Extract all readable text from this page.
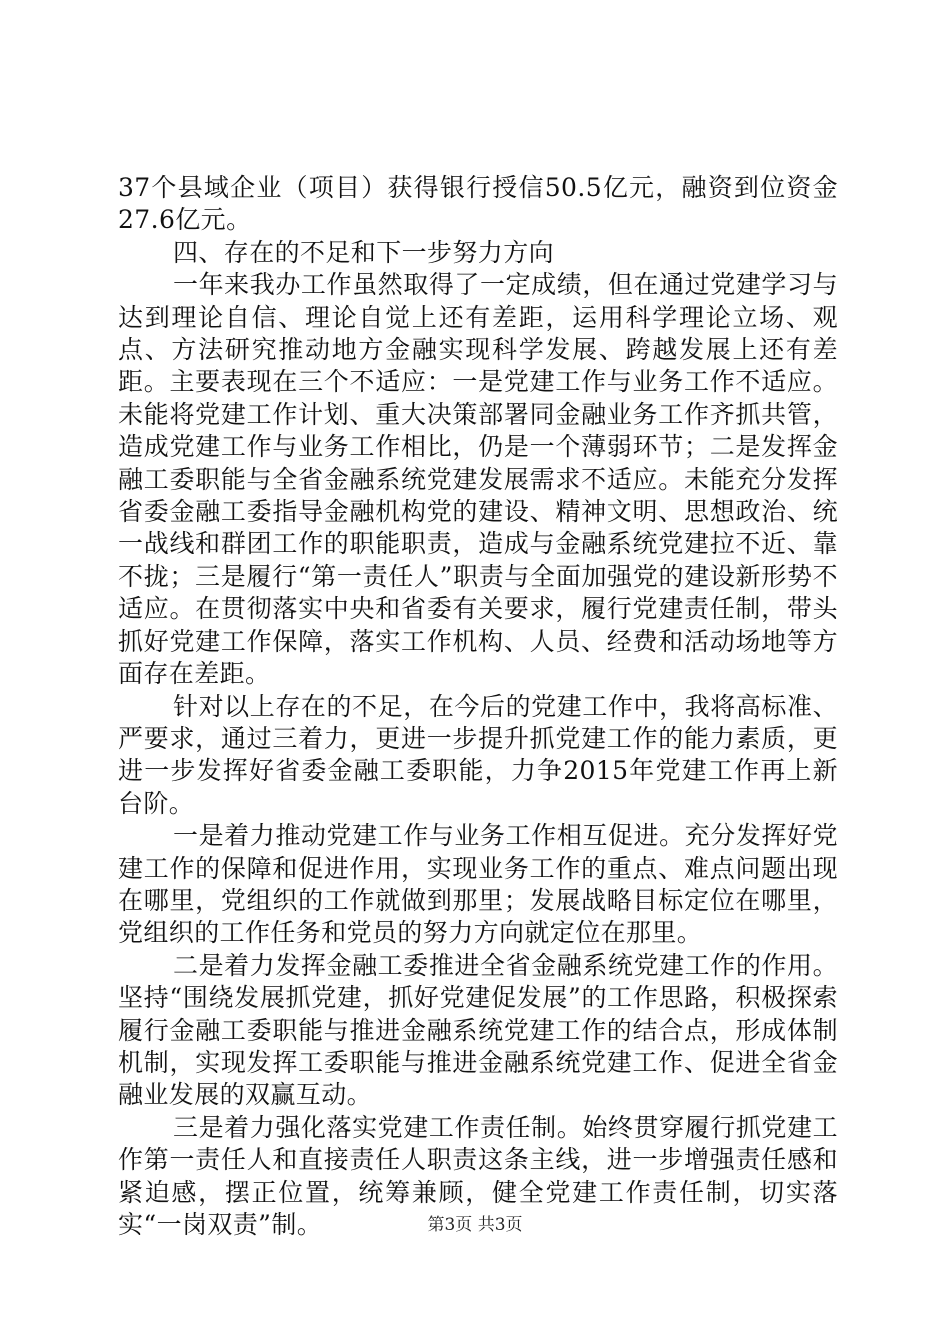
37个县域企业（项目）获得银行授信50.5亿元，融资到位资金27.6亿元。

四、存在的不足和下一步努力方向

一年来我办工作虽然取得了一定成绩，但在通过党建学习与达到理论自信、理论自觉上还有差距，运用科学理论立场、观点、方法研究推动地方金融实现科学发展、跨越发展上还有差距。主要表现在三个不适应：一是党建工作与业务工作不适应。未能将党建工作计划、重大决策部署同金融业务工作齐抓共管，造成党建工作与业务工作相比，仍是一个薄弱环节；二是发挥金融工委职能与全省金融系统党建发展需求不适应。未能充分发挥省委金融工委指导金融机构党的建设、精神文明、思想政治、统一战线和群团工作的职能职责，造成与金融系统党建拉不近、靠不拢；三是履行“第一责任人”职责与全面加强党的建设新形势不适应。在贯彻落实中央和省委有关要求，履行党建责任制，带头抓好党建工作保障，落实工作机构、人员、经费和活动场地等方面存在差距。

针对以上存在的不足，在今后的党建工作中，我将高标准、严要求，通过三着力，更进一步提升抓党建工作的能力素质，更进一步发挥好省委金融工委职能，力争2015年党建工作再上新台阶。

一是着力推动党建工作与业务工作相互促进。充分发挥好党建工作的保障和促进作用，实现业务工作的重点、难点问题出现在哪里，党组织的工作就做到那里；发展战略目标定位在哪里，党组织的工作任务和党员的努力方向就定位在那里。

二是着力发挥金融工委推进全省金融系统党建工作的作用。坚持“围绕发展抓党建，抓好党建促发展”的工作思路，积极探索履行金融工委职能与推进金融系统党建工作的结合点，形成体制机制，实现发挥工委职能与推进金融系统党建工作、促进全省金融业发展的双赢互动。

三是着力强化落实党建工作责任制。始终贯穿履行抓党建工作第一责任人和直接责任人职责这条主线，进一步增强责任感和紧迫感，摆正位置，统筹兼顾，健全党建工作责任制，切实落实“一岗双责”制。	第3页 共3页
